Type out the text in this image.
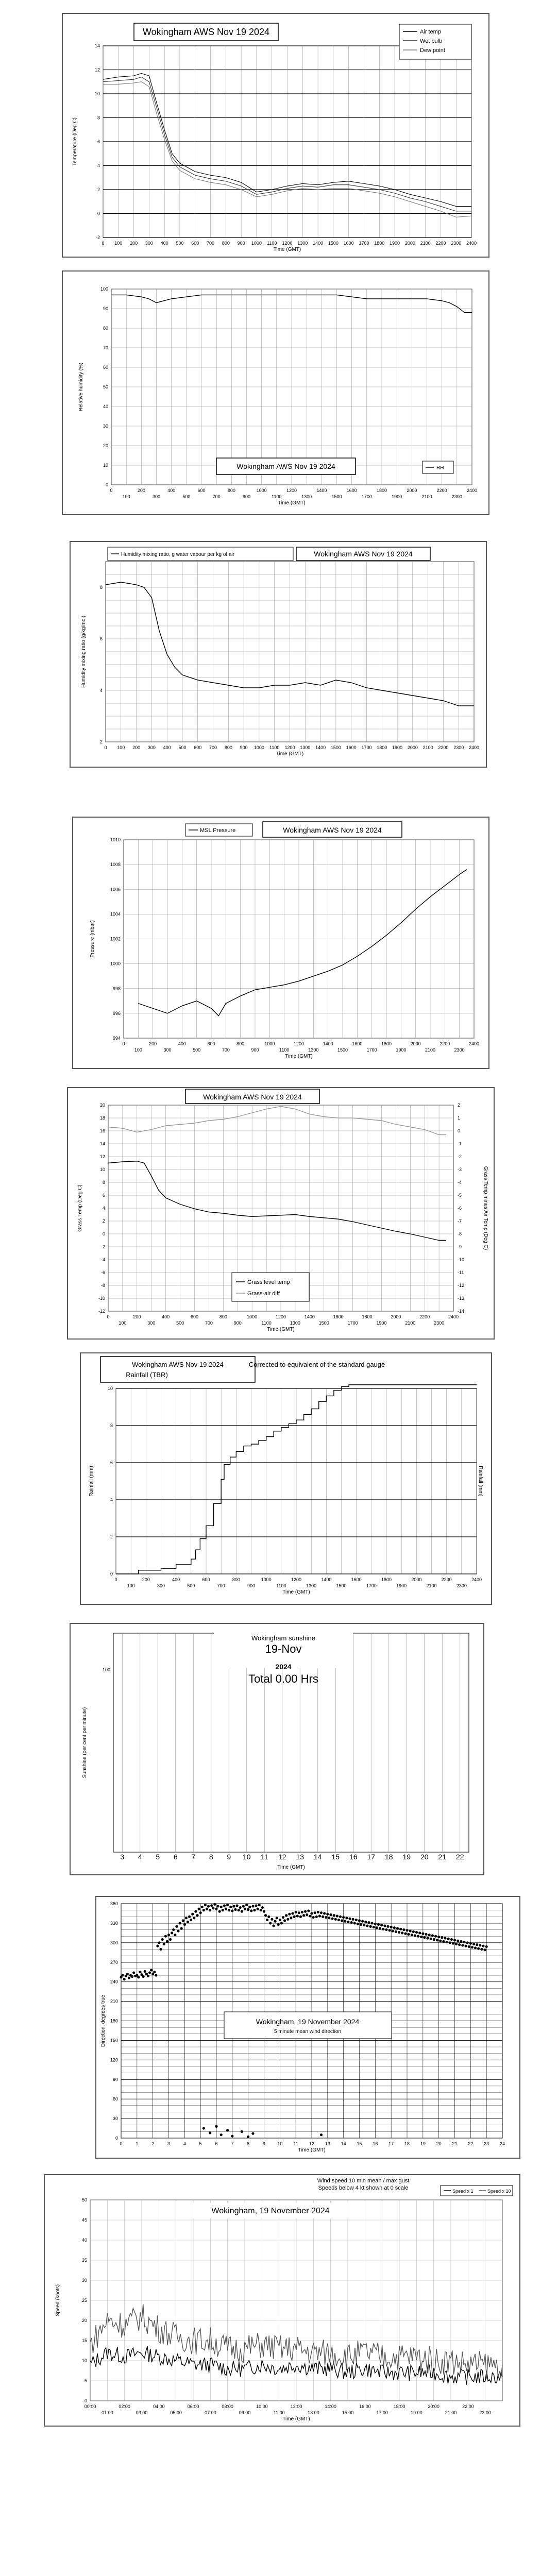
-2
0
2
4
6
8
10
12
14
0 100 200 300 400 500 600 700 800 900 1000 1100 1200 1300 1400 1500 1600 1700 1800 1900 2000 2100 2200 2300 2400
Time (GMT)
Temperature (Deg C)
Wokingham AWS Nov 19 2024	Air temp
Wet bulb
Dew point
0
10
20
30
40
50
60
70
80
90
100
0	200	400	600	800	1000	1200	1400	1600	1800	2000	2200	2400
100	300	500	700	900	1100	1300	1500	1700	1900	2100	2300
Time (GMT)
Relative humidity (%)
Wokingham AWS Nov 19 2024	RH
2
4
6
8
0 100 200 300 400 500 600 700 800 900 1000 1100 1200 1300 1400 1500 1600 1700 1800 1900 2000 2100 2200 2300 2400
Time (GMT)
Humidity mixing ratio (g/kg/mol)
Humidity mixing ratio, g water vapour per kg of air	Wokingham AWS Nov 19 2024
994
996
998
1000
1002
1004
1006
1008
1010
0	200	400	600	800	1000	1200	1400	1600	1800	2000	2200	2400
100	300	500	700	900	1100	1300	1500	1700	1900	2100	2300
Time (GMT)
Pressure (mbar)
MSL Pressure	Wokingham AWS Nov 19 2024
-12
-10
-8
-6
-4
-2
0
2
4
6
8
10
12
14
16
18
20
-14
-13
-12
-11
-10
-9
-8
-7
-6
-5
-4
-3
-2
-1
0
1
2
0	200	400	600	800	1000	1200	1400	1600	1800	2000	2200	2400
100	300	500	700	900	1100	1300	1500	1700	1900	2100	2300
Time (GMT)
Grass Temp (Deg C)	Grass Temp minus Air Temp (Deg C)
Wokingham AWS Nov 19 2024
Grass level temp
Grass-air diff
0
2
4
6
8
10
0	200	400	600	800	1000	1200	1400	1600	1800	2000	2200	2400
100	300	500	700	900	1100	1300	1500	1700	1900	2100	2300
Time (GMT)
Rainfall (mm)	Rainfall (mm)
Wokingham AWS Nov 19 2024
Rainfall (TBR)
Corrected to equivalent of the standard gauge
100
3 4 5 6 7 8 9 10 11 12 13 14 15 16 17 18 19 20 21 22
Time (GMT)
Sunshine (per cent per minute)
Wokingham sunshine
19-Nov
2024
Total 0.00 Hrs
0
30
60
90
120
150
180
210
240
270
300
330
360
0	1	2	3	4	5	6	7	8	9	10 11 12 13 14 15 16 17 18 19 20 21 22 23 24
Time (GMT)
Direction, degrees true	Wokingham, 19 November 2024
5 minute mean wind direction
0
5
10
15
20
25
30
35
40
45
50
00:00	02:00	04:00	06:00	08:00	10:00	12:00	14:00	16:00	18:00	20:00	22:00
01:00	03:00	05:00	07:00	09:00	11:00	13:00	15:00	17:00	19:00	21:00	23:00
Time (GMT)
Speed (knots)
Wind speed 10 min mean / max gust
Speeds below 4 kt shown at 0 scale
Wokingham, 19 November 2024
Speed x 1	Speed x 10
